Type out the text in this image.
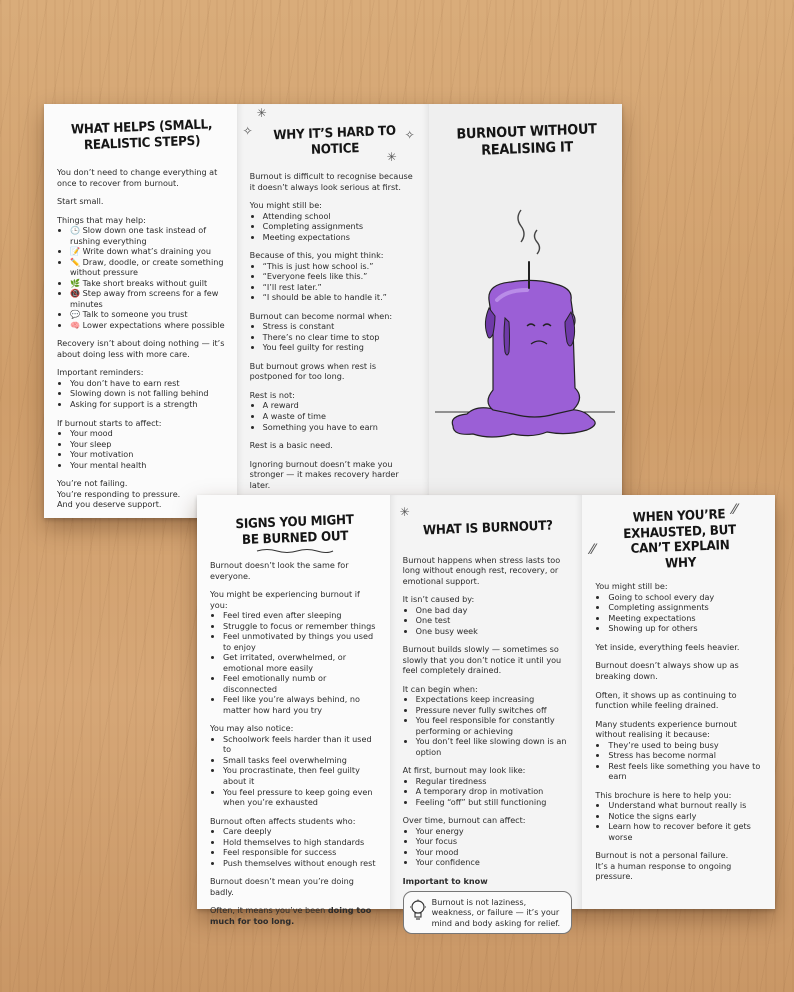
WHAT HELPS (SMALL,
REALISTIC STEPS)

You don’t need to change everything at once to recover from burnout.

Start small.

Things that may help:

• 🕒 Slow down one task instead of rushing everything
• 📝 Write down what’s draining you
• ✏️ Draw, doodle, or create something without pressure
• 🌿 Take short breaks without guilt
• 📵 Step away from screens for a few minutes
• 💬 Talk to someone you trust
• 🧠 Lower expectations where possible

Recovery isn’t about doing nothing — it’s about doing less with more care.

Important reminders:

• You don’t have to earn rest
• Slowing down is not falling behind
• Asking for support is a strength

If burnout starts to affect:

• Your mood
• Your sleep
• Your motivation
• Your mental health

You’re not failing.

You’re responding to pressure.

And you deserve support.

✳
✧	✧
✳
WHY IT’S HARD TO
NOTICE

Burnout is difficult to recognise because it doesn’t always look serious at first.

You might still be:

• Attending school
• Completing assignments
• Meeting expectations

Because of this, you might think:

• “This is just how school is.”
• “Everyone feels like this.”
• “I’ll rest later.”
• “I should be able to handle it.”

Burnout can become normal when:

• Stress is constant
• There’s no clear time to stop
• You feel guilty for resting

But burnout grows when rest is postponed for too long.

Rest is not:

• A reward
• A waste of time
• Something you have to earn

Rest is a basic need.

Ignoring burnout doesn’t make you stronger — it makes recovery harder later.

BURNOUT WITHOUT
REALISING IT
SIGNS YOU MIGHT
BE BURNED OUT

Burnout doesn’t look the same for everyone.

You might be experiencing burnout if you:

• Feel tired even after sleeping
• Struggle to focus or remember things
• Feel unmotivated by things you used to enjoy
• Get irritated, overwhelmed, or emotional more easily
• Feel emotionally numb or disconnected
• Feel like you’re always behind, no matter how hard you try

You may also notice:

• Schoolwork feels harder than it used to
• Small tasks feel overwhelming
• You procrastinate, then feel guilty about it
• You feel pressure to keep going even when you’re exhausted

Burnout often affects students who:

• Care deeply
• Hold themselves to high standards
• Feel responsible for success
• Push themselves without enough rest

Burnout doesn’t mean you’re doing badly.

Often, it means you’ve been doing too much for too long.

✳
WHAT IS BURNOUT?

Burnout happens when stress lasts too long without enough rest, recovery, or emotional support.

It isn’t caused by:

• One bad day
• One test
• One busy week

Burnout builds slowly — sometimes so slowly that you don’t notice it until you feel completely drained.

It can begin when:

• Expectations keep increasing
• Pressure never fully switches off
• You feel responsible for constantly performing or achieving
• You don’t feel like slowing down is an option

At first, burnout may look like:

• Regular tiredness
• A temporary drop in motivation
• Feeling “off” but still functioning

Over time, burnout can affect:

• Your energy
• Your focus
• Your mood
• Your confidence

Important to know

Burnout is not laziness, weakness, or failure — it’s your mind and body asking for relief.
⁄⁄
⁄⁄
WHEN YOU’RE
EXHAUSTED, BUT
CAN’T EXPLAIN
WHY

You might still be:

• Going to school every day
• Completing assignments
• Meeting expectations
• Showing up for others

Yet inside, everything feels heavier.

Burnout doesn’t always show up as breaking down.

Often, it shows up as continuing to function while feeling drained.

Many students experience burnout without realising it because:

• They’re used to being busy
• Stress has become normal
• Rest feels like something you have to earn

This brochure is here to help you:

• Understand what burnout really is
• Notice the signs early
• Learn how to recover before it gets worse

Burnout is not a personal failure.

It’s a human response to ongoing pressure.
